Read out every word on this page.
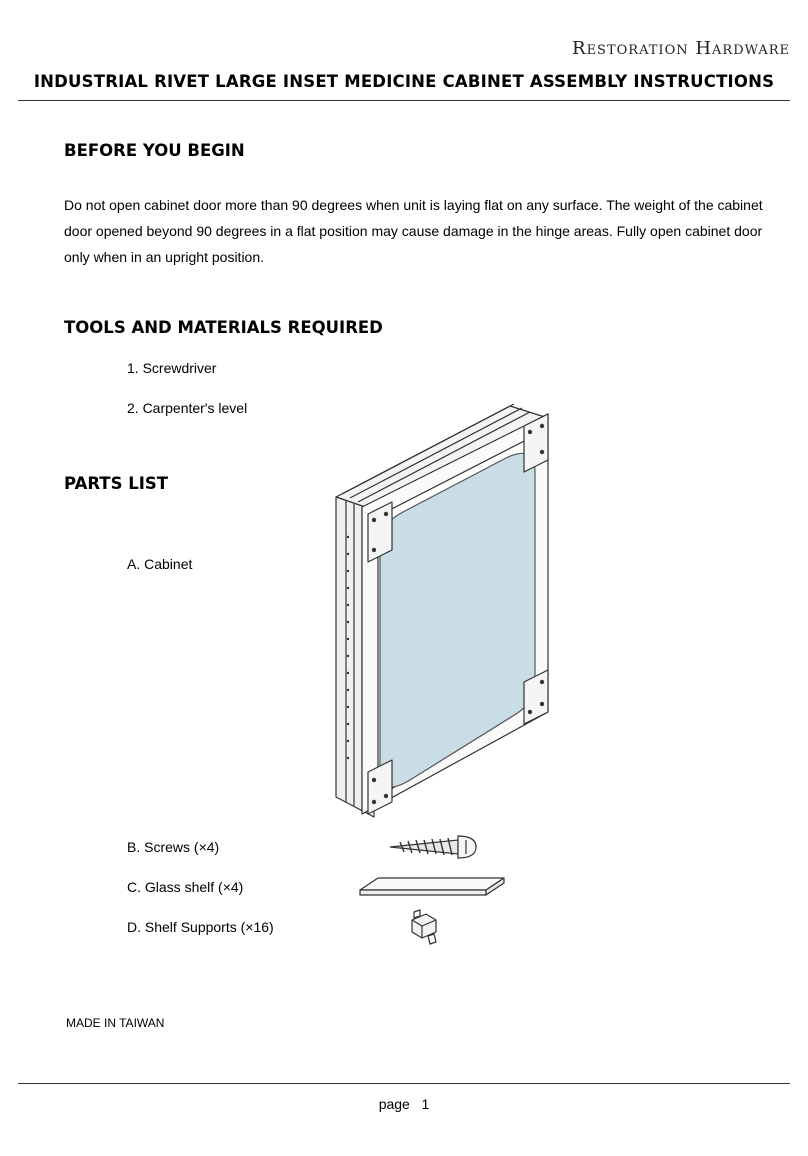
Restoration Hardware
INDUSTRIAL RIVET LARGE INSET MEDICINE CABINET ASSEMBLY INSTRUCTIONS
BEFORE YOU BEGIN
Do not open cabinet door more than 90 degrees when unit is laying flat on any surface. The weight of the cabinet door opened beyond 90 degrees in a flat position may cause damage in the hinge areas. Fully open cabinet door only when in an upright position.
TOOLS AND MATERIALS REQUIRED
1. Screwdriver
2. Carpenter's level
PARTS LIST
A. Cabinet
B. Screws (×4)
C. Glass shelf (×4)
D. Shelf Supports (×16)
MADE IN TAIWAN
page   1
